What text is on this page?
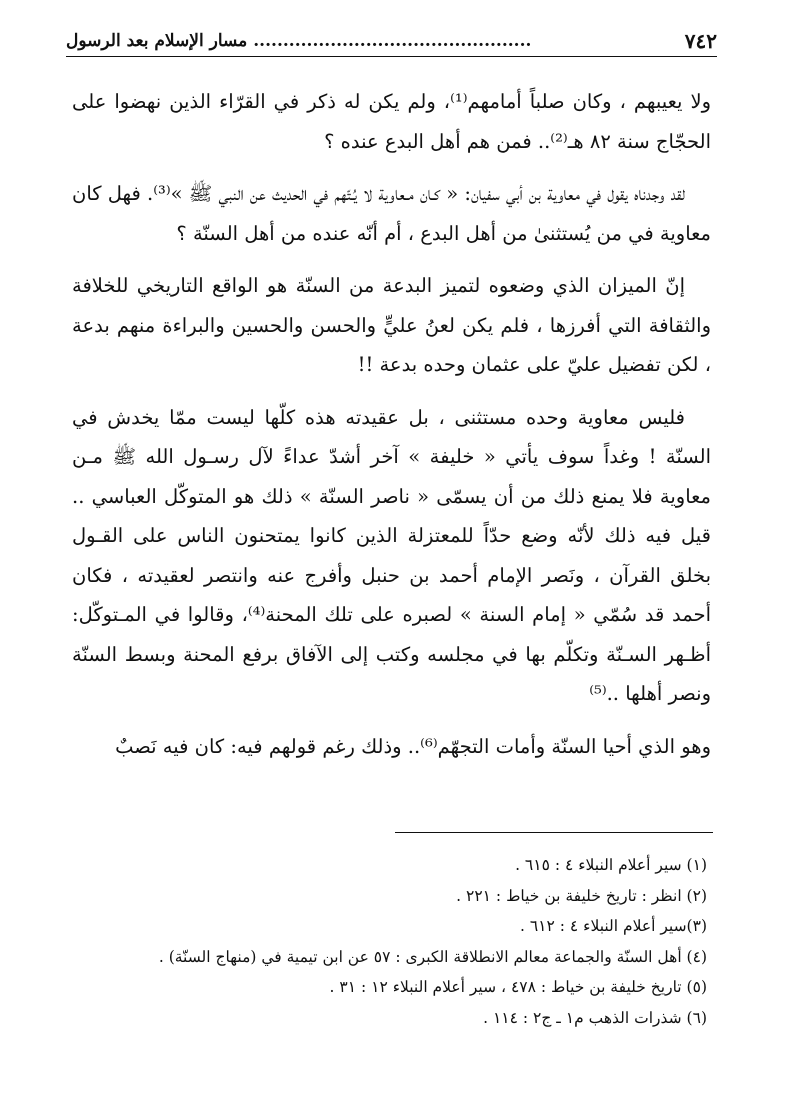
٧٤٢
...............................................مسار الإسلام بعد الرسول

ولا يعيبهم ، وكان صلباً أمامهم⁽¹⁾، ولم يكن له ذكر في القرّاء الذين نهضوا على الحجّاج سنة ٨٢ هـ⁽²⁾.. فمن هم أهل البدع عنده ؟

لقد وجدناه يقول في معاوية بن أبي سفيان: « كـان مـعاوية لا يُـتّهم في الحديث عن النبي ﷺ »⁽³⁾. فهل كان معاوية في من يُستثنىٰ من أهل البدع ، أم أنّه عنده من أهل السنّة ؟

إنّ الميزان الذي وضعوه لتميز البدعة من السنّة هو الواقع التاريخي للخلافة والثقافة التي أفرزها ، فلم يكن لعنُ عليٍّ والحسن والحسين والبراءة منهم بدعة ، لكن تفضيل عليّ على عثمان وحده بدعة !!

فليس معاوية وحده مستثنى ، بل عقيدته هذه كلّها ليست ممّا يخدش في السنّة ! وغداً سوف يأتي « خليفة » آخر أشدّ عداءً لآل رسـول الله ﷺ مـن معاوية فلا يمنع ذلك من أن يسمّى « ناصر السنّة » ذلك هو المتوكّل العباسي .. قيل فيه ذلك لأنّه وضع حدّاً للمعتزلة الذين كانوا يمتحنون الناس على القـول بخلق القرآن ، ونَصر الإمام أحمد بن حنبل وأفرج عنه وانتصر لعقيدته ، فكان أحمد قد سُمّي « إمام السنة » لصبره على تلك المحنة⁽⁴⁾، وقالوا في المـتوكّل: أظـهر السـنّة وتكلّم بها في مجلسه وكتب إلى الآفاق برفع المحنة وبسط السنّة ونصر أهلها ..⁽⁵⁾

وهو الذي أحيا السنّة وأمات التجهّم⁽⁶⁾.. وذلك رغم قولهم فيه: كان فيه نَصبٌ

(١) سير أعلام النبلاء ٤ : ٦١٥ .
(٢) انظر : تاريخ خليفة بن خياط : ٢٢١ .
(٣)سير أعلام النبلاء ٤ : ٦١٢ .
(٤) أهل السنّة والجماعة معالم الانطلاقة الكبرى : ٥٧ عن ابن تيمية في (منهاج السنّة) .
(٥) تاريخ خليفة بن خياط : ٤٧٨ ، سير أعلام النبلاء ١٢ : ٣١ .
(٦) شذرات الذهب م١ ـ ج٢ : ١١٤ .
